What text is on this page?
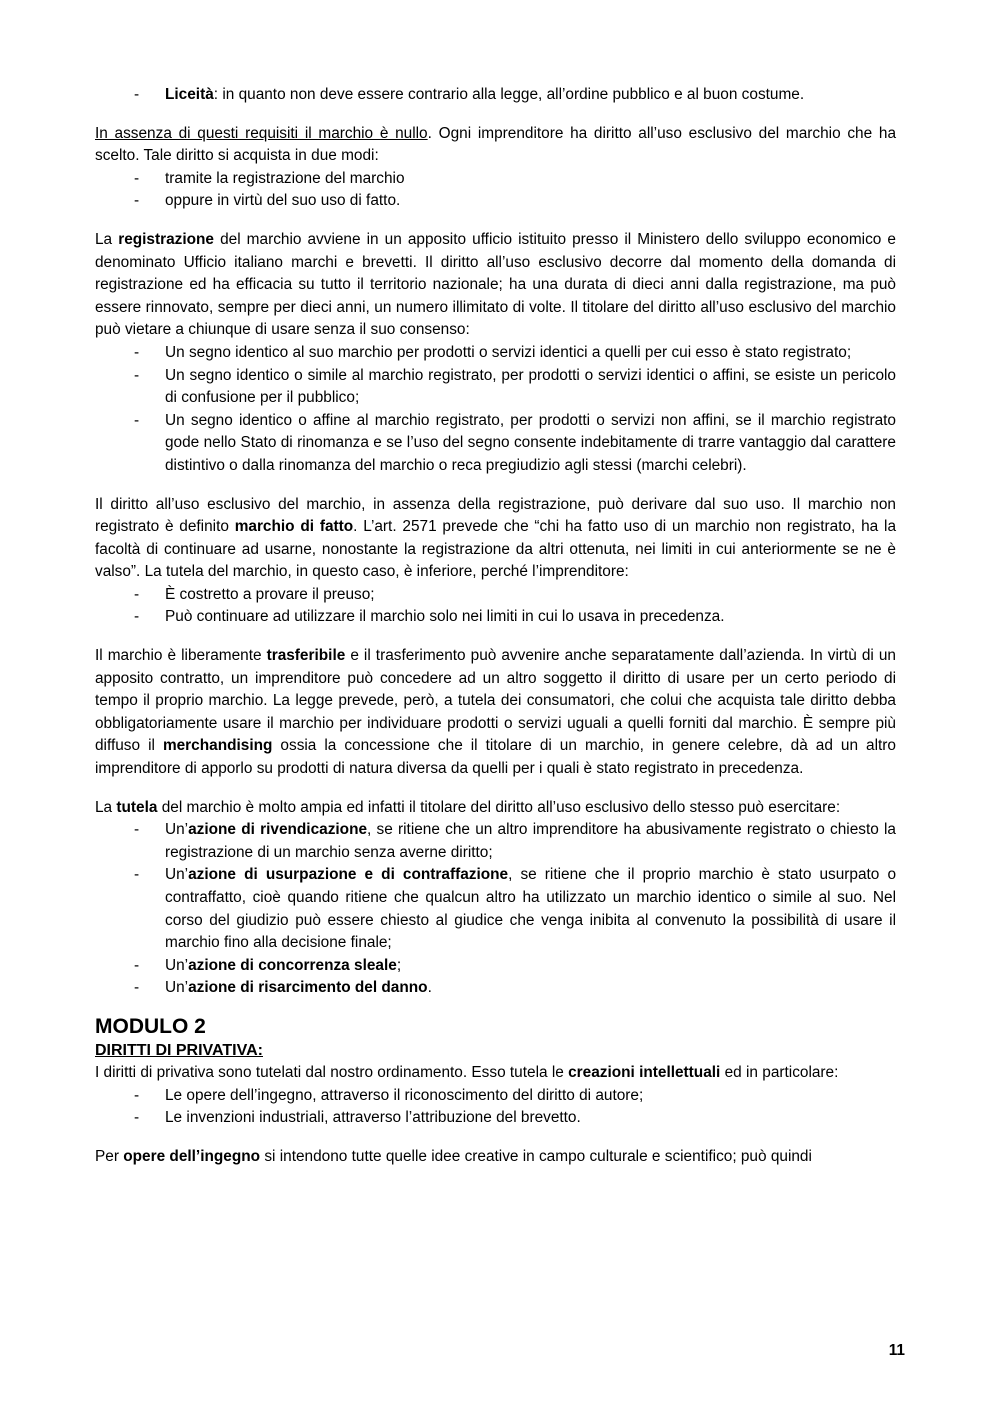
- Liceità: in quanto non deve essere contrario alla legge, all’ordine pubblico e al buon costume.

In assenza di questi requisiti il marchio è nullo. Ogni imprenditore ha diritto all’uso esclusivo del marchio che ha scelto. Tale diritto si acquista in due modi:

- tramite la registrazione del marchio
- oppure in virtù del suo uso di fatto.

La registrazione del marchio avviene in un apposito ufficio istituito presso il Ministero dello sviluppo economico e denominato Ufficio italiano marchi e brevetti. Il diritto all’uso esclusivo decorre dal momento della domanda di registrazione ed ha efficacia su tutto il territorio nazionale; ha una durata di dieci anni dalla registrazione, ma può essere rinnovato, sempre per dieci anni, un numero illimitato di volte. Il titolare del diritto all’uso esclusivo del marchio può vietare a chiunque di usare senza il suo consenso:

- Un segno identico al suo marchio per prodotti o servizi identici a quelli per cui esso è stato registrato;
- Un segno identico o simile al marchio registrato, per prodotti o servizi identici o affini, se esiste un pericolo di confusione per il pubblico;
- Un segno identico o affine al marchio registrato, per prodotti o servizi non affini, se il marchio registrato gode nello Stato di rinomanza e se l’uso del segno consente indebitamente di trarre vantaggio dal carattere distintivo o dalla rinomanza del marchio o reca pregiudizio agli stessi (marchi celebri).

Il diritto all’uso esclusivo del marchio, in assenza della registrazione, può derivare dal suo uso. Il marchio non registrato è definito marchio di fatto. L’art. 2571 prevede che “chi ha fatto uso di un marchio non registrato, ha la facoltà di continuare ad usarne, nonostante la registrazione da altri ottenuta, nei limiti in cui anteriormente se ne è valso”. La tutela del marchio, in questo caso, è inferiore, perché l’imprenditore:

- È costretto a provare il preuso;
- Può continuare ad utilizzare il marchio solo nei limiti in cui lo usava in precedenza.

Il marchio è liberamente trasferibile e il trasferimento può avvenire anche separatamente dall’azienda. In virtù di un apposito contratto, un imprenditore può concedere ad un altro soggetto il diritto di usare per un certo periodo di tempo il proprio marchio. La legge prevede, però, a tutela dei consumatori, che colui che acquista tale diritto debba obbligatoriamente usare il marchio per individuare prodotti o servizi uguali a quelli forniti dal marchio. È sempre più diffuso il merchandising ossia la concessione che il titolare di un marchio, in genere celebre, dà ad un altro imprenditore di apporlo su prodotti di natura diversa da quelli per i quali è stato registrato in precedenza.

La tutela del marchio è molto ampia ed infatti il titolare del diritto all’uso esclusivo dello stesso può esercitare:

- Un’azione di rivendicazione, se ritiene che un altro imprenditore ha abusivamente registrato o chiesto la registrazione di un marchio senza averne diritto;
- Un’azione di usurpazione e di contraffazione, se ritiene che il proprio marchio è stato usurpato o contraffatto, cioè quando ritiene che qualcun altro ha utilizzato un marchio identico o simile al suo. Nel corso del giudizio può essere chiesto al giudice che venga inibita al convenuto la possibilità di usare il marchio fino alla decisione finale;
- Un’azione di concorrenza sleale;
- Un’azione di risarcimento del danno.
MODULO 2
DIRITTI DI PRIVATIVA:

I diritti di privativa sono tutelati dal nostro ordinamento. Esso tutela le creazioni intellettuali ed in particolare:

- Le opere dell’ingegno, attraverso il riconoscimento del diritto di autore;
- Le invenzioni industriali, attraverso l’attribuzione del brevetto.

Per opere dell’ingegno si intendono tutte quelle idee creative in campo culturale e scientifico; può quindi

11
